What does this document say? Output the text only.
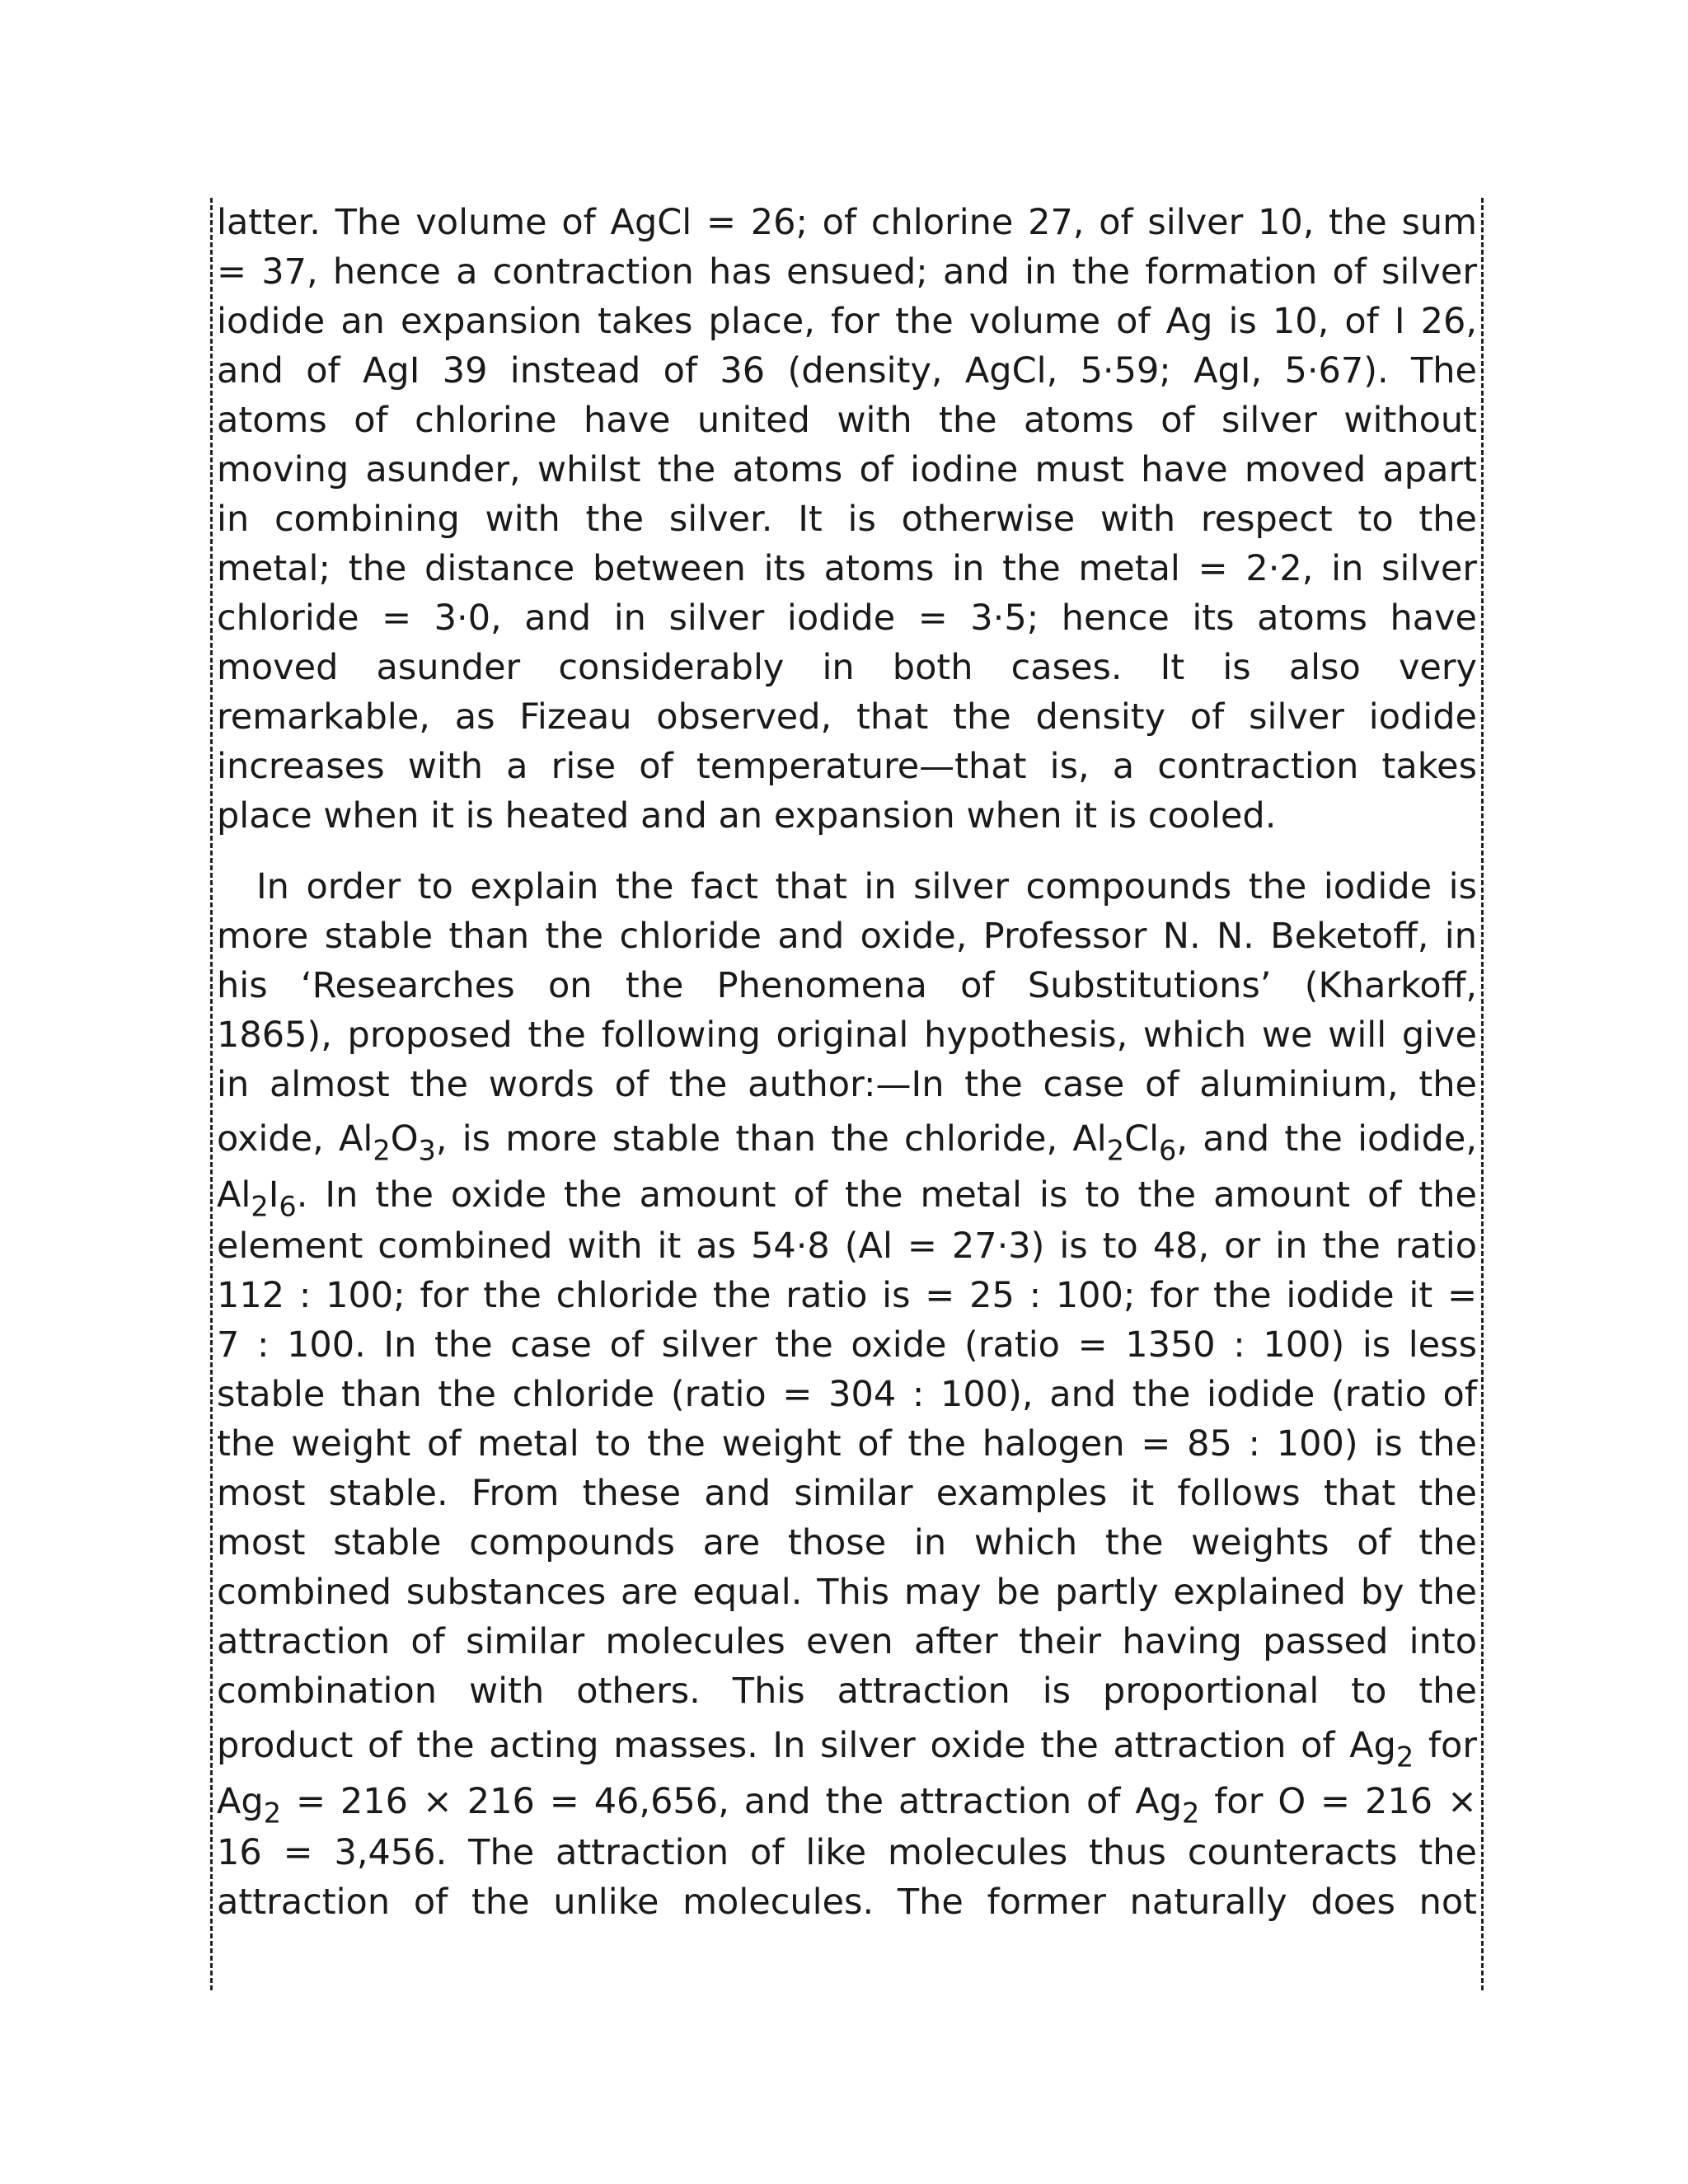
latter. The volume of AgCl = 26; of chlorine 27, of silver 10, the sum
= 37, hence a contraction has ensued; and in the formation of silver
iodide an expansion takes place, for the volume of Ag is 10, of I 26,
and of AgI 39 instead of 36 (density, AgCl, 5·59; AgI, 5·67). The
atoms of chlorine have united with the atoms of silver without
moving asunder, whilst the atoms of iodine must have moved apart
in combining with the silver. It is otherwise with respect to the
metal; the distance between its atoms in the metal = 2·2, in silver
chloride = 3·0, and in silver iodide = 3·5; hence its atoms have
moved asunder considerably in both cases. It is also very
remarkable, as Fizeau observed, that the density of silver iodide
increases with a rise of temperature—that is, a contraction takes
place when it is heated and an expansion when it is cooled.
In order to explain the fact that in silver compounds the iodide is
more stable than the chloride and oxide, Professor N. N. Beketoff, in
his ‘Researches on the Phenomena of Substitutions’ (Kharkoff,
1865), proposed the following original hypothesis, which we will give
in almost the words of the author:—In the case of aluminium, the
oxide, $Al_2O_3$, is more stable than the chloride, $Al_2Cl_6$, and the iodide,
$Al_2I_6$. In the oxide the amount of the metal is to the amount of the
element combined with it as 54·8 (Al = 27·3) is to 48, or in the ratio
112 : 100; for the chloride the ratio is = 25 : 100; for the iodide it =
7 : 100. In the case of silver the oxide (ratio = 1350 : 100) is less
stable than the chloride (ratio = 304 : 100), and the iodide (ratio of
the weight of metal to the weight of the halogen = 85 : 100) is the
most stable. From these and similar examples it follows that the
most stable compounds are those in which the weights of the
combined substances are equal. This may be partly explained by the
attraction of similar molecules even after their having passed into
combination with others. This attraction is proportional to the
product of the acting masses. In silver oxide the attraction of $Ag_2$ for
$Ag_2 = 216 \times 216 = 46,656$, and the attraction of $Ag_2$ for O = 216 ×
16 = 3,456. The attraction of like molecules thus counteracts the
attraction of the unlike molecules. The former naturally does not
